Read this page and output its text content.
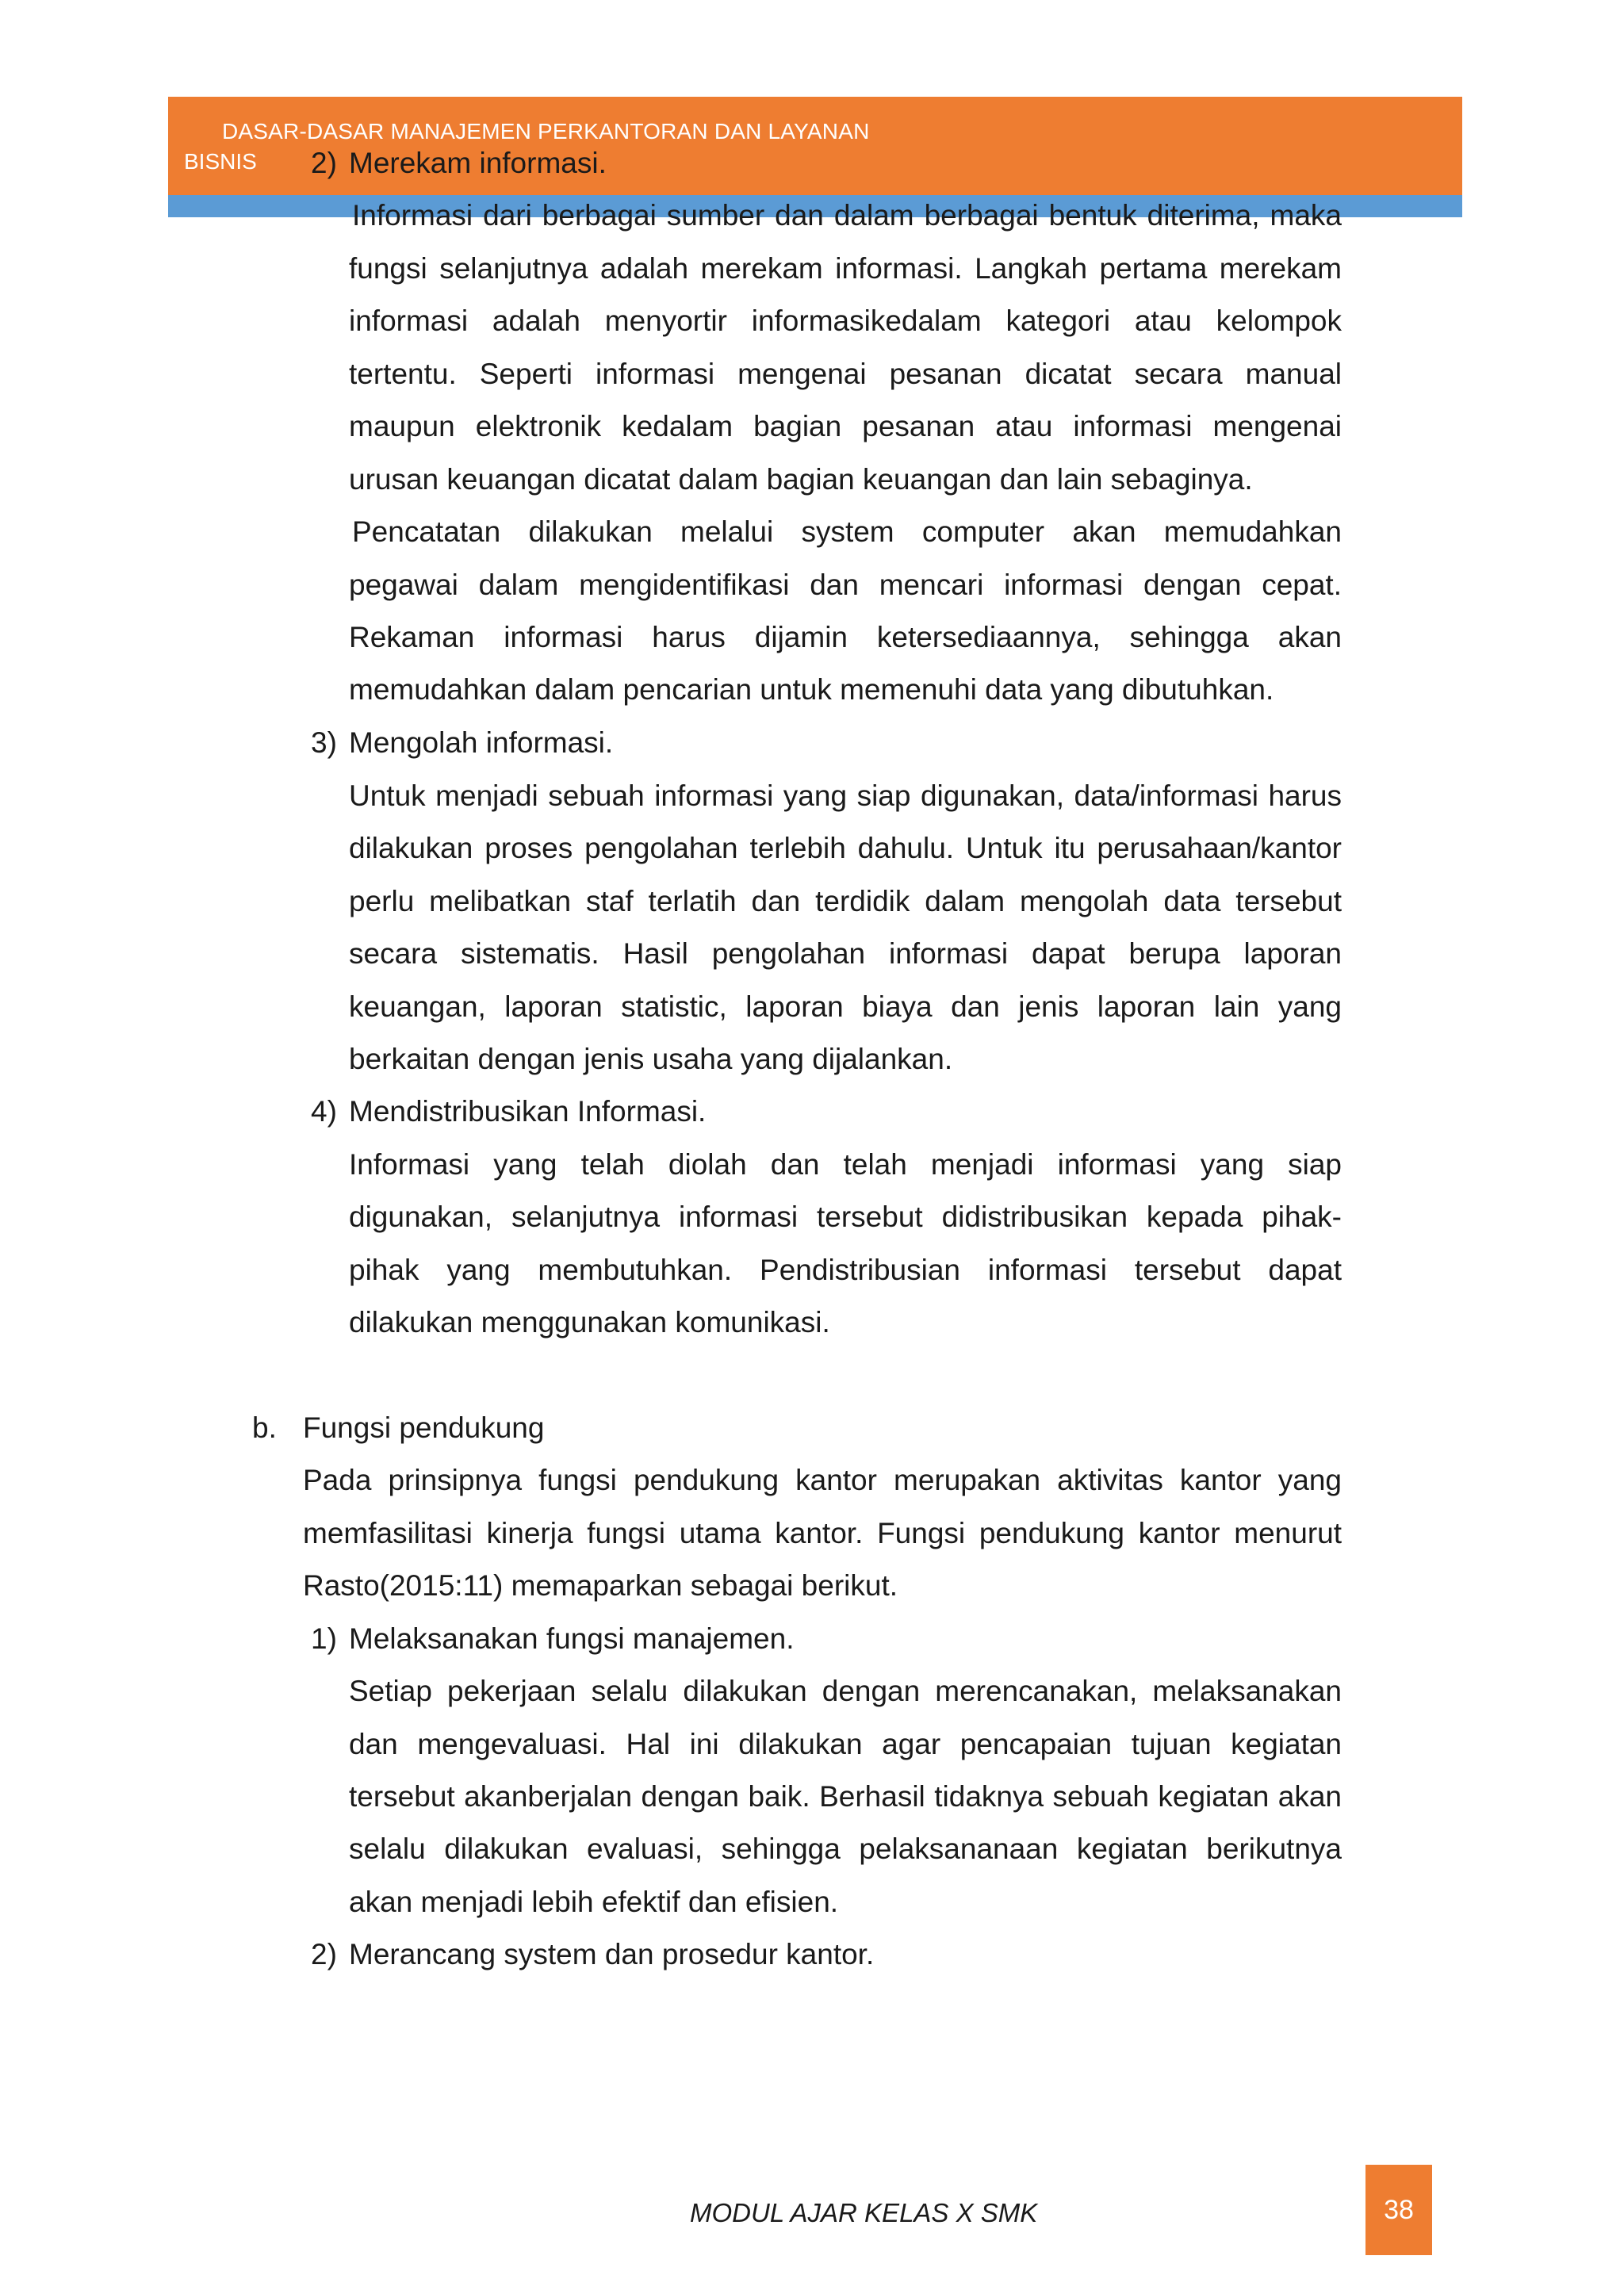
DASAR-DASAR MANAJEMEN PERKANTORAN DAN LAYANAN
BISNIS 2) Merekam informasi.
Informasi dari berbagai sumber dan dalam berbagai bentuk diterima, maka
fungsi selanjutnya adalah merekam informasi. Langkah pertama merekam
informasi adalah menyortir informasikedalam kategori atau kelompok
tertentu. Seperti informasi mengenai pesanan dicatat secara manual
maupun elektronik kedalam bagian pesanan atau informasi mengenai
urusan keuangan dicatat dalam bagian keuangan dan lain sebaginya.
Pencatatan dilakukan melalui system computer akan memudahkan
pegawai dalam mengidentifikasi dan mencari informasi dengan cepat.
Rekaman informasi harus dijamin ketersediaannya, sehingga akan
memudahkan dalam pencarian untuk memenuhi data yang dibutuhkan.
3) Mengolah informasi.
Untuk menjadi sebuah informasi yang siap digunakan, data/informasi harus
dilakukan proses pengolahan terlebih dahulu. Untuk itu perusahaan/kantor
perlu melibatkan staf terlatih dan terdidik dalam mengolah data tersebut
secara sistematis. Hasil pengolahan informasi dapat berupa laporan
keuangan, laporan statistic, laporan biaya dan jenis laporan lain yang
berkaitan dengan jenis usaha yang dijalankan.
4) Mendistribusikan Informasi.
Informasi yang telah diolah dan telah menjadi informasi yang siap
digunakan, selanjutnya informasi tersebut didistribusikan kepada pihak-
pihak yang membutuhkan. Pendistribusian informasi tersebut dapat
dilakukan menggunakan komunikasi.
b. Fungsi pendukung
Pada prinsipnya fungsi pendukung kantor merupakan aktivitas kantor yang
memfasilitasi kinerja fungsi utama kantor. Fungsi pendukung kantor menurut
Rasto(2015:11) memaparkan sebagai berikut.
1) Melaksanakan fungsi manajemen.
Setiap pekerjaan selalu dilakukan dengan merencanakan, melaksanakan
dan mengevaluasi. Hal ini dilakukan agar pencapaian tujuan kegiatan
tersebut akanberjalan dengan baik. Berhasil tidaknya sebuah kegiatan akan
selalu dilakukan evaluasi, sehingga pelaksananaan kegiatan berikutnya
akan menjadi lebih efektif dan efisien.
2) Merancang system dan prosedur kantor.
MODUL AJAR KELAS X SMK	38
